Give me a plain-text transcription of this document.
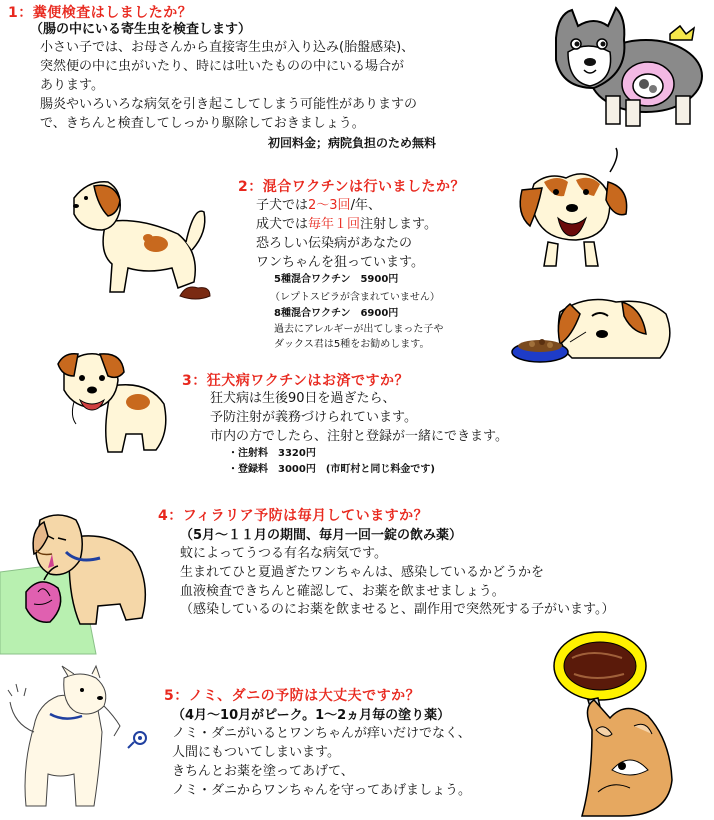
1：糞便検査はしましたか？
（腸の中にいる寄生虫を検査します）
小さい子では、お母さんから直接寄生虫が入り込み(胎盤感染)、
突然便の中に虫がいたり、時には吐いたものの中にいる場合が
あります。
腸炎やいろいろな病気を引き起こしてしまう可能性がありますの
で、きちんと検査してしっかり駆除しておきましょう。
初回料金；病院負担のため無料
2：混合ワクチンは行いましたか？
子犬では2～3回/年、
成犬では毎年１回注射します。
恐ろしい伝染病があなたの
ワンちゃんを狙っています。
5種混合ワクチン　5900円
（レプトスピラが含まれていません）
8種混合ワクチン　6900円
過去にアレルギーが出てしまった子や
ダックス君は5種をお勧めします。
3：狂犬病ワクチンはお済ですか？
狂犬病は生後90日を過ぎたら、
予防注射が義務づけられています。
市内の方でしたら、注射と登録が一緒にできます。
・注射料　3320円
・登録料　3000円　(市町村と同じ料金です)
4：フィラリア予防は毎月していますか？
（5月～１１月の期間、毎月一回一錠の飲み薬）
蚊によってうつる有名な病気です。
生まれてひと夏過ぎたワンちゃんは、感染しているかどうかを
血液検査できちんと確認して、お薬を飲ませましょう。
（感染しているのにお薬を飲ませると、副作用で突然死する子がいます。）
5：ノミ、ダニの予防は大丈夫ですか？
（4月～10月がピーク。1～2ヵ月毎の塗り薬）
ノミ・ダニがいるとワンちゃんが痒いだけでなく、
人間にもついてしまいます。
きちんとお薬を塗ってあげて、
ノミ・ダニからワンちゃんを守ってあげましょう。
